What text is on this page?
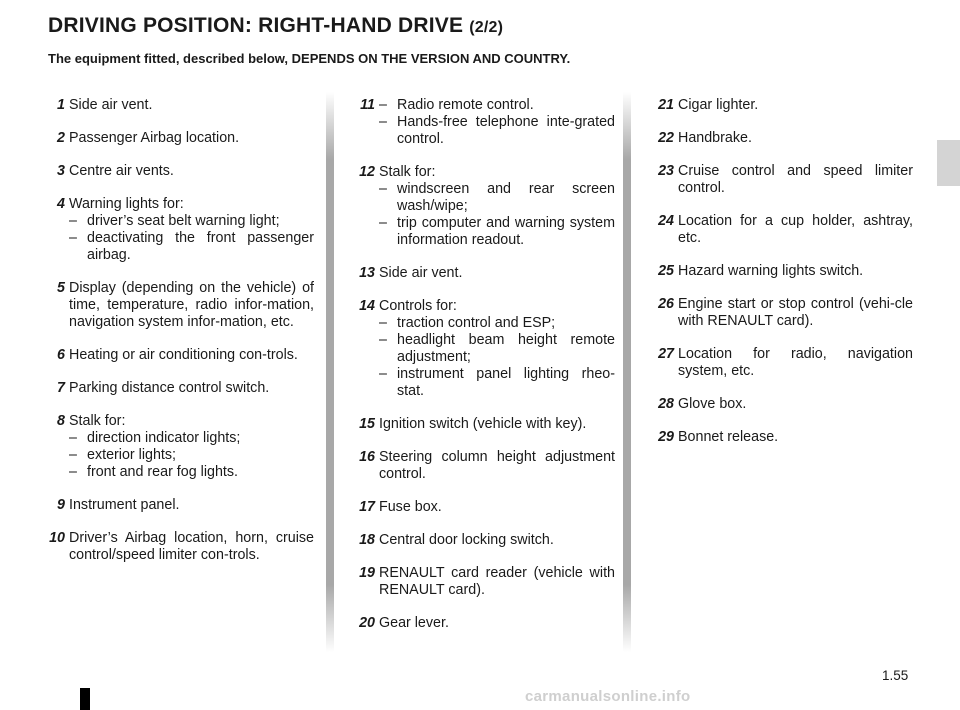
DRIVING POSITION: RIGHT-HAND DRIVE (2/2)

The equipment fitted, described below, DEPENDS ON THE VERSION AND COUNTRY.

1 Side air vent.
2 Passenger Airbag location.
3 Centre air vents.
4 Warning lights for:
– driver’s seat belt warning light;
– deactivating the front passenger airbag.
5 Display (depending on the vehicle) of time, temperature, radio infor-mation, navigation system infor-mation, etc.
6 Heating or air conditioning con-trols.
7 Parking distance control switch.
8 Stalk for:
– direction indicator lights;
– exterior lights;
– front and rear fog lights.
9 Instrument panel.
10 Driver’s Airbag location, horn, cruise control/speed limiter con-trols.
11 – Radio remote control.
– Hands-free telephone inte-grated control.
12 Stalk for:
– windscreen and rear screen wash/wipe;
– trip computer and warning system information readout.
13 Side air vent.
14 Controls for:
– traction control and ESP;
– headlight beam height remote adjustment;
– instrument panel lighting rheo-stat.
15 Ignition switch (vehicle with key).
16 Steering column height adjustment control.
17 Fuse box.
18 Central door locking switch.
19 RENAULT card reader (vehicle with RENAULT card).
20 Gear lever.
21 Cigar lighter.
22 Handbrake.
23 Cruise control and speed limiter control.
24 Location for a cup holder, ashtray, etc.
25 Hazard warning lights switch.
26 Engine start or stop control (vehi-cle with RENAULT card).
27 Location for radio, navigation system, etc.
28 Glove box.
29 Bonnet release.
1.55
carmanualsonline.info
